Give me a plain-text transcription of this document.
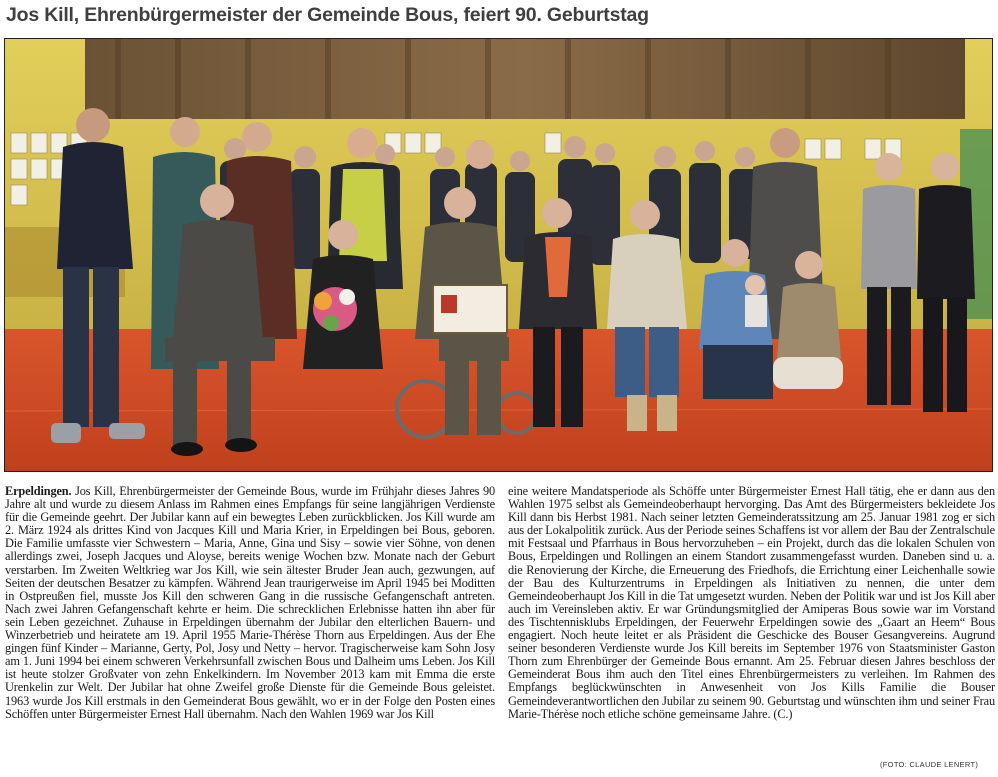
Jos Kill, Ehrenbürgermeister der Gemeinde Bous, feiert 90. Geburtstag

Erpeldingen. Jos Kill, Ehrenbürgermeister der Gemeinde Bous, wurde im Frühjahr dieses Jahres 90 Jahre alt und wurde zu diesem Anlass im Rahmen eines Empfangs für seine langjährigen Verdienste für die Gemeinde geehrt. Der Jubilar kann auf ein bewegtes Leben zurückblicken. Jos Kill wurde am 2. März 1924 als drittes Kind von Jacques Kill und Maria Krier, in Erpeldingen bei Bous, geboren. Die Familie umfasste vier Schwestern – Maria, Anne, Gina und Sisy – sowie vier Söhne, von denen allerdings zwei, Joseph Jacques und Aloyse, bereits wenige Wochen bzw. Monate nach der Geburt verstarben. Im Zweiten Weltkrieg war Jos Kill, wie sein ältester Bruder Jean auch, gezwungen, auf Seiten der deutschen Besatzer zu kämpfen. Während Jean traurigerweise im April 1945 bei Moditten in Ostpreußen fiel, musste Jos Kill den schweren Gang in die russische Gefangenschaft antreten. Nach zwei Jahren Gefangenschaft kehrte er heim. Die schrecklichen Erlebnisse hatten ihn aber für sein Leben gezeichnet. Zuhause in Erpeldingen übernahm der Jubilar den elterlichen Bauern- und Winzerbetrieb und heiratete am 19. April 1955 Marie-Thérèse Thorn aus Erpeldingen. Aus der Ehe gingen fünf Kinder – Marianne, Gerty, Pol, Josy und Netty – hervor. Tragischerweise kam Sohn Josy am 1. Juni 1994 bei einem schweren Verkehrsunfall zwischen Bous und Dalheim ums Leben. Jos Kill ist heute stolzer Großvater von zehn Enkelkindern. Im November 2013 kam mit Emma die erste Urenkelin zur Welt. Der Jubilar hat ohne Zweifel große Dienste für die Gemeinde Bous geleistet. 1963 wurde Jos Kill erstmals in den Gemeinderat Bous gewählt, wo er in der Folge den Posten eines Schöffen unter Bürgermeister Ernest Hall übernahm. Nach den Wahlen 1969 war Jos Kill

eine weitere Mandatsperiode als Schöffe unter Bürgermeister Ernest Hall tätig, ehe er dann aus den Wahlen 1975 selbst als Gemeindeoberhaupt hervorging. Das Amt des Bürgermeisters bekleidete Jos Kill dann bis Herbst 1981. Nach seiner letzten Gemeinderatssitzung am 25. Januar 1981 zog er sich aus der Lokalpolitik zurück. Aus der Periode seines Schaffens ist vor allem der Bau der Zentralschule mit Festsaal und Pfarrhaus in Bous hervorzuheben – ein Projekt, durch das die lokalen Schulen von Bous, Erpeldingen und Rollingen an einem Standort zusammengefasst wurden. Daneben sind u. a. die Renovierung der Kirche, die Erneuerung des Friedhofs, die Errichtung einer Leichenhalle sowie der Bau des Kulturzentrums in Erpeldingen als Initiativen zu nennen, die unter dem Gemeindeoberhaupt Jos Kill in die Tat umgesetzt wurden. Neben der Politik war und ist Jos Kill aber auch im Vereinsleben aktiv. Er war Gründungsmitglied der Amiperas Bous sowie war im Vorstand des Tischtennisklubs Erpeldingen, der Feuerwehr Erpeldingen sowie des „Gaart an Heem“ Bous engagiert. Noch heute leitet er als Präsident die Geschicke des Bouser Gesangvereins. Augrund seiner besonderen Verdienste wurde Jos Kill bereits im September 1976 von Staatsminister Gaston Thorn zum Ehrenbürger der Gemeinde Bous ernannt. Am 25. Februar diesen Jahres beschloss der Gemeinderat Bous ihm auch den Titel eines Ehrenbürgermeisters zu verleihen. Im Rahmen des Empfangs beglückwünschten in Anwesenheit von Jos Kills Familie die Bouser Gemeindeverantwortlichen den Jubilar zu seinem 90. Geburtstag und wünschten ihm und seiner Frau Marie-Thérèse noch etliche schöne gemeinsame Jahre. (C.)

(FOTO: CLAUDE LENERT)
